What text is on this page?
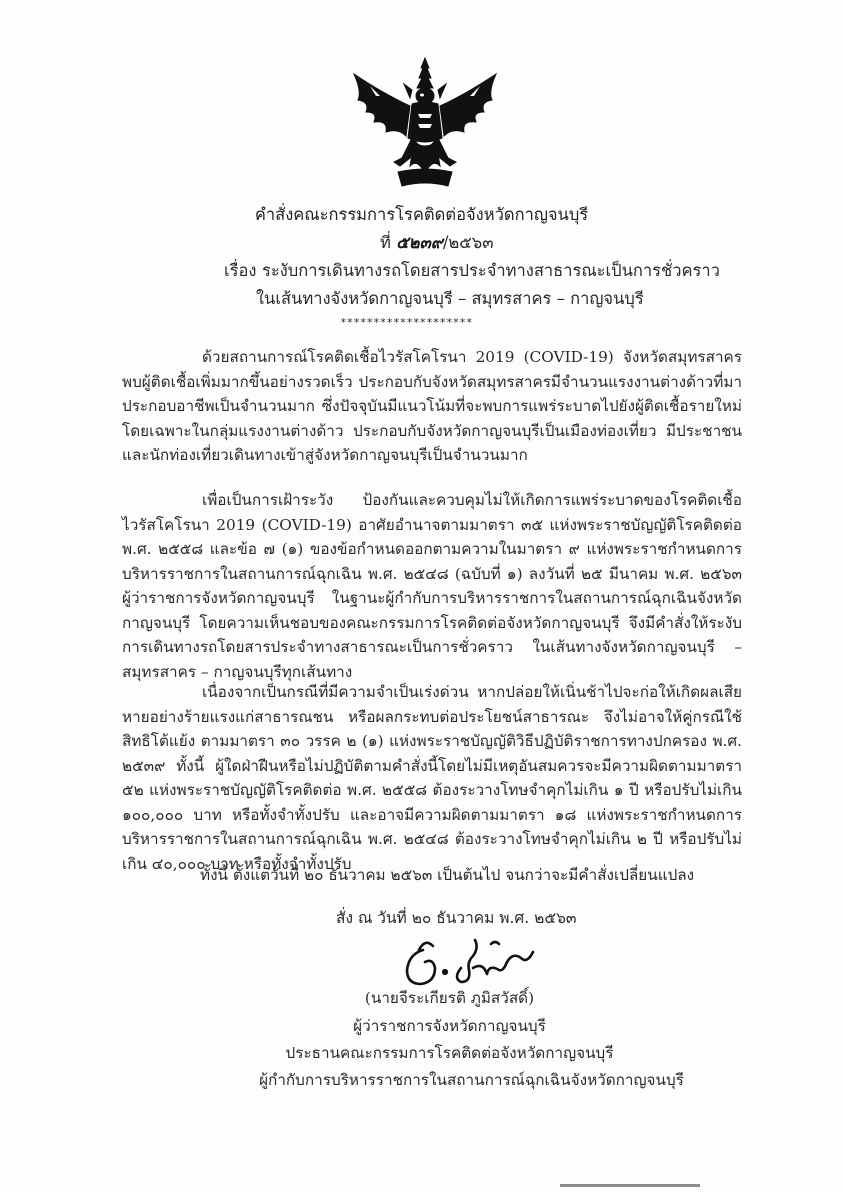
คำสั่งคณะกรรมการโรคติดต่อจังหวัดกาญจนบุรี
ที่ ๕๒๓๙/๒๕๖๓
เรื่อง ระงับการเดินทางรถโดยสารประจำทางสาธารณะเป็นการชั่วคราว
ในเส้นทางจังหวัดกาญจนบุรี – สมุทรสาคร – กาญจนบุรี
********************
ด้วยสถานการณ์โรคติดเชื้อไวรัสโคโรนา 2019 (COVID-19) จังหวัดสมุทรสาคร พบผู้ติดเชื้อเพิ่มมากขึ้นอย่างรวดเร็ว ประกอบกับจังหวัดสมุทรสาครมีจำนวนแรงงานต่างด้าวที่มาประกอบอาชีพเป็นจำนวนมาก ซึ่งปัจจุบันมีแนวโน้มที่จะพบการแพร่ระบาดไปยังผู้ติดเชื้อรายใหม่ โดยเฉพาะในกลุ่มแรงงานต่างด้าว ประกอบกับจังหวัดกาญจนบุรีเป็นเมืองท่องเที่ยว มีประชาชนและนักท่องเที่ยวเดินทางเข้าสู่จังหวัดกาญจนบุรีเป็นจำนวนมาก
เพื่อเป็นการเฝ้าระวัง ป้องกันและควบคุมไม่ให้เกิดการแพร่ระบาดของโรคติดเชื้อไวรัสโคโรนา 2019 (COVID-19) อาศัยอำนาจตามมาตรา ๓๕ แห่งพระราชบัญญัติโรคติดต่อ พ.ศ. ๒๕๕๘ และข้อ ๗ (๑) ของข้อกำหนดออกตามความในมาตรา ๙ แห่งพระราชกำหนดการบริหารราชการในสถานการณ์ฉุกเฉิน พ.ศ. ๒๕๔๘ (ฉบับที่ ๑) ลงวันที่ ๒๕ มีนาคม พ.ศ. ๒๕๖๓ ผู้ว่าราชการจังหวัดกาญจนบุรี ในฐานะผู้กำกับการบริหารราชการในสถานการณ์ฉุกเฉินจังหวัดกาญจนบุรี โดยความเห็นชอบของคณะกรรมการโรคติดต่อจังหวัดกาญจนบุรี จึงมีคำสั่งให้ระงับการเดินทางรถโดยสารประจำทางสาธารณะเป็นการชั่วคราว ในเส้นทางจังหวัดกาญจนบุรี – สมุทรสาคร – กาญจนบุรีทุกเส้นทาง
เนื่องจากเป็นกรณีที่มีความจำเป็นเร่งด่วน หากปล่อยให้เนิ่นช้าไปจะก่อให้เกิดผลเสียหายอย่างร้ายแรงแก่สาธารณชน หรือผลกระทบต่อประโยชน์สาธารณะ จึงไม่อาจให้คู่กรณีใช้สิทธิโต้แย้ง ตามมาตรา ๓๐ วรรค ๒ (๑) แห่งพระราชบัญญัติวิธีปฏิบัติราชการทางปกครอง พ.ศ. ๒๕๓๙ ทั้งนี้ ผู้ใดฝ่าฝืนหรือไม่ปฏิบัติตามคำสั่งนี้โดยไม่มีเหตุอันสมควรจะมีความผิดตามมาตรา ๕๒ แห่งพระราชบัญญัติโรคติดต่อ พ.ศ. ๒๕๕๘ ต้องระวางโทษจำคุกไม่เกิน ๑ ปี หรือปรับไม่เกิน ๑๐๐,๐๐๐ บาท หรือทั้งจำทั้งปรับ และอาจมีความผิดตามมาตรา ๑๘ แห่งพระราชกำหนดการบริหารราชการในสถานการณ์ฉุกเฉิน พ.ศ. ๒๕๔๘ ต้องระวางโทษจำคุกไม่เกิน ๒ ปี หรือปรับไม่เกิน ๔๐,๐๐๐ บาท หรือทั้งจำทั้งปรับ
ทั้งนี้ ตั้งแต่วันที่ ๒๐ ธันวาคม ๒๕๖๓ เป็นต้นไป จนกว่าจะมีคำสั่งเปลี่ยนแปลง
สั่ง ณ วันที่ ๒๐ ธันวาคม พ.ศ. ๒๕๖๓
(นายจีระเกียรติ ภูมิสวัสดิ์)
ผู้ว่าราชการจังหวัดกาญจนบุรี
ประธานคณะกรรมการโรคติดต่อจังหวัดกาญจนบุรี
ผู้กำกับการบริหารราชการในสถานการณ์ฉุกเฉินจังหวัดกาญจนบุรี
